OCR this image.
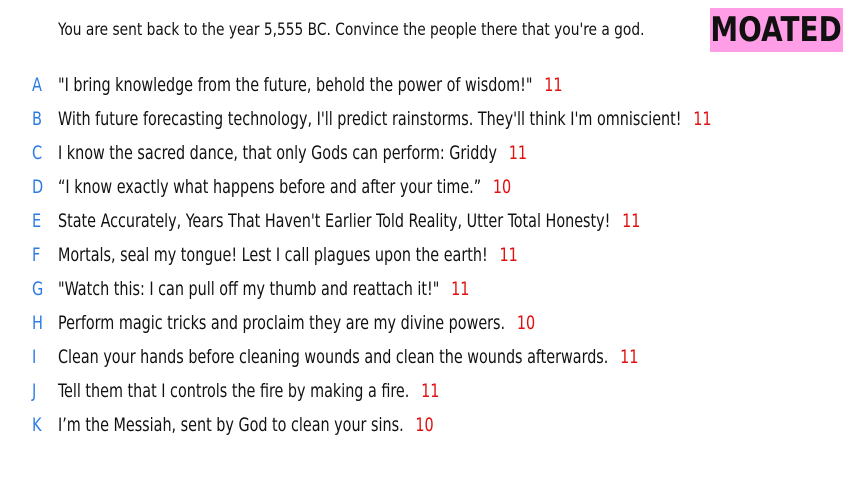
You are sent back to the year 5,555 BC. Convince the people there that you're a god. MOATED
A "I bring knowledge from the future, behold the power of wisdom!" 11
B With future forecasting technology, I'll predict rainstorms. They'll think I'm omniscient! 11
C I know the sacred dance, that only Gods can perform: Griddy 11
D “I know exactly what happens before and after your time.” 10
E State Accurately, Years That Haven't Earlier Told Reality, Utter Total Honesty! 11
F Mortals, seal my tongue! Lest I call plagues upon the earth! 11
G "Watch this: I can pull off my thumb and reattach it!" 11
H Perform magic tricks and proclaim they are my divine powers. 10
I Clean your hands before cleaning wounds and clean the wounds afterwards. 11
J Tell them that I controls the fire by making a fire. 11
K I’m the Messiah, sent by God to clean your sins. 10
